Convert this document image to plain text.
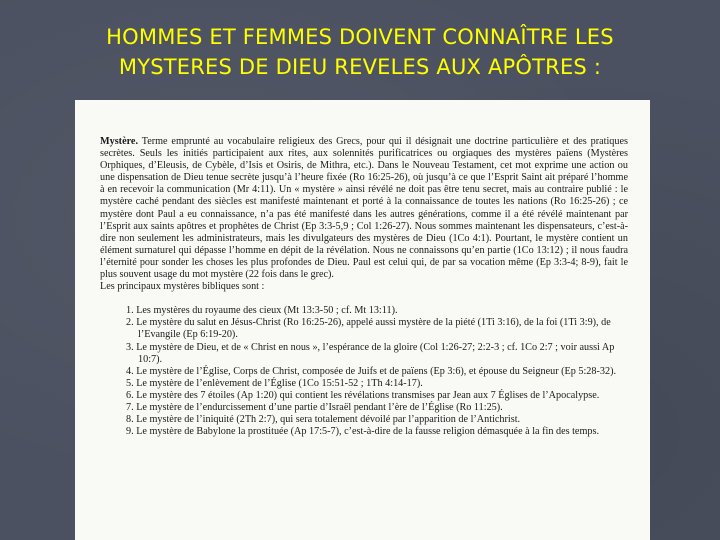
HOMMES ET FEMMES DOIVENT CONNAÎTRE LES
MYSTERES DE DIEU REVELES AUX APÔTRES :
Mystère. Terme emprunté au vocabulaire religieux des Grecs, pour qui il désignait une doctrine particulière et des pratiques secrètes. Seuls les initiés participaient aux rites, aux solennités purificatrices ou orgiaques des mystères païens (Mystères Orphiques, d’Eleusis, de Cybèle, d’Isis et Osiris, de Mithra, etc.). Dans le Nouveau Testament, cet mot exprime une action ou une dispensation de Dieu tenue secrète jusqu’à l’heure fixée (Ro 16:25-26), où jusqu’à ce que l’Esprit Saint ait préparé l’homme à en recevoir la communication (Mr 4:11). Un « mystère » ainsi révélé ne doit pas être tenu secret, mais au contraire publié : le mystère caché pendant des siècles est manifesté maintenant et porté à la connaissance de toutes les nations (Ro 16:25-26) ; ce mystère dont Paul a eu connaissance, n’a pas été manifesté dans les autres générations, comme il a été révélé maintenant par l’Esprit aux saints apôtres et prophètes de Christ (Ep 3:3-5,9 ; Col 1:26-27). Nous sommes maintenant les dispensateurs, c’est-à-dire non seulement les administrateurs, mais les divulgateurs des mystères de Dieu (1Co 4:1). Pourtant, le mystère contient un élément surnaturel qui dépasse l’homme en dépit de la révélation. Nous ne connaissons qu’en partie (1Co 13:12) ; il nous faudra l’éternité pour sonder les choses les plus profondes de Dieu. Paul est celui qui, de par sa vocation même (Ep 3:3-4; 8-9), fait le plus souvent usage du mot mystère (22 fois dans le grec).
Les principaux mystères bibliques sont :
1. Les mystères du royaume des cieux (Mt 13:3-50 ; cf. Mt 13:11).
2. Le mystère du salut en Jésus-Christ (Ro 16:25-26), appelé aussi mystère de la piété (1Ti 3:16), de la foi (1Ti 3:9), de l’Evangile (Ep 6:19-20).
3. Le mystère de Dieu, et de « Christ en nous », l’espérance de la gloire (Col 1:26-27; 2:2-3 ; cf. 1Co 2:7 ; voir aussi Ap 10:7).
4. Le mystère de l’Église, Corps de Christ, composée de Juifs et de païens (Ep 3:6), et épouse du Seigneur (Ep 5:28-32).
5. Le mystère de l’enlèvement de l’Église (1Co 15:51-52 ; 1Th 4:14-17).
6. Le mystère des 7 étoiles (Ap 1:20) qui contient les révélations transmises par Jean aux 7 Églises de l’Apocalypse.
7. Le mystère de l’endurcissement d’une partie d’Israël pendant l’ère de l’Église (Ro 11:25).
8. Le mystère de l’iniquité (2Th 2:7), qui sera totalement dévoilé par l’apparition de l’Antichrist.
9. Le mystère de Babylone la prostituée (Ap 17:5-7), c’est-à-dire de la fausse religion démasquée à la fin des temps.
